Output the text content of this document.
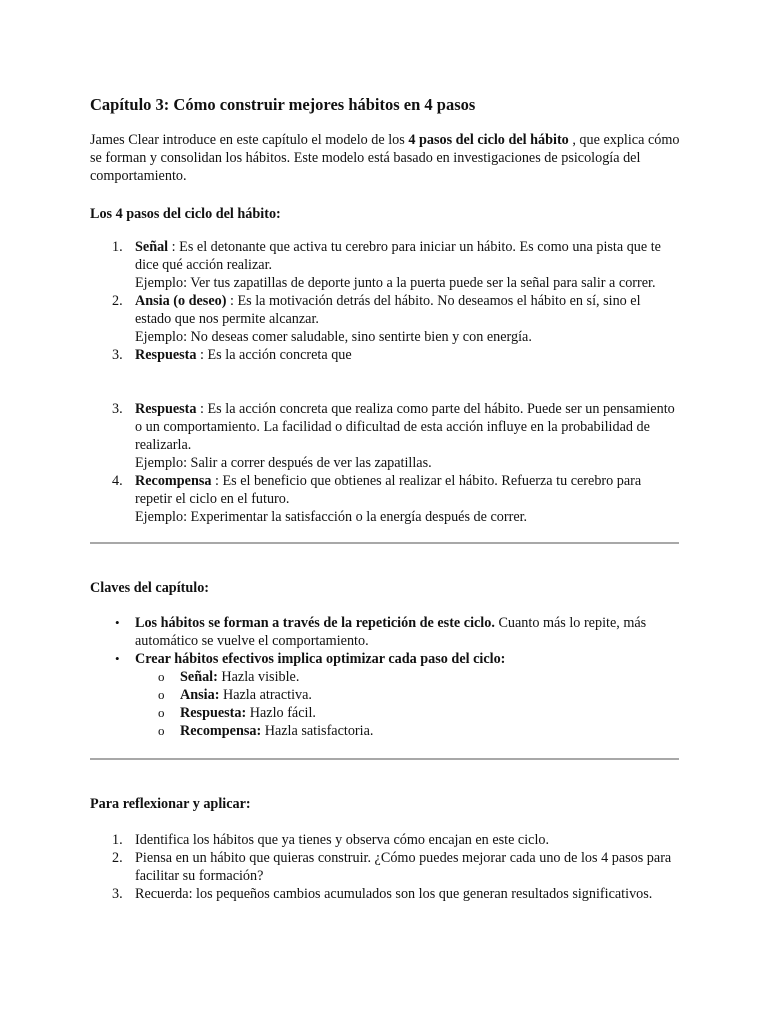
Capítulo 3: Cómo construir mejores hábitos en 4 pasos

James Clear introduce en este capítulo el modelo de los 4 pasos del ciclo del hábito , que explica cómo se forman y consolidan los hábitos. Este modelo está basado en investigaciones de psicología del comportamiento.

Los 4 pasos del ciclo del hábito:

1. Señal : Es el detonante que activa tu cerebro para iniciar un hábito. Es como una pista que te dice qué acción realizar.
Ejemplo: Ver tus zapatillas de deporte junto a la puerta puede ser la señal para salir a correr.
2. Ansia (o deseo) : Es la motivación detrás del hábito. No deseamos el hábito en sí, sino el estado que nos permite alcanzar.
Ejemplo: No deseas comer saludable, sino sentirte bien y con energía.
3. Respuesta : Es la acción concreta que
3. Respuesta : Es la acción concreta que realiza como parte del hábito. Puede ser un pensamiento o un comportamiento. La facilidad o dificultad de esta acción influye en la probabilidad de realizarla.
Ejemplo: Salir a correr después de ver las zapatillas.
4. Recompensa : Es el beneficio que obtienes al realizar el hábito. Refuerza tu cerebro para repetir el ciclo en el futuro.
Ejemplo: Experimentar la satisfacción o la energía después de correr.

Claves del capítulo:

• Los hábitos se forman a través de la repetición de este ciclo. Cuanto más lo repite, más automático se vuelve el comportamiento.
• Crear hábitos efectivos implica optimizar cada paso del ciclo:
o Señal: Hazla visible.
o Ansia: Hazla atractiva.
o Respuesta: Hazlo fácil.
o Recompensa: Hazla satisfactoria.

Para reflexionar y aplicar:

1. Identifica los hábitos que ya tienes y observa cómo encajan en este ciclo.
2. Piensa en un hábito que quieras construir. ¿Cómo puedes mejorar cada uno de los 4 pasos para facilitar su formación?
3. Recuerda: los pequeños cambios acumulados son los que generan resultados significativos.
